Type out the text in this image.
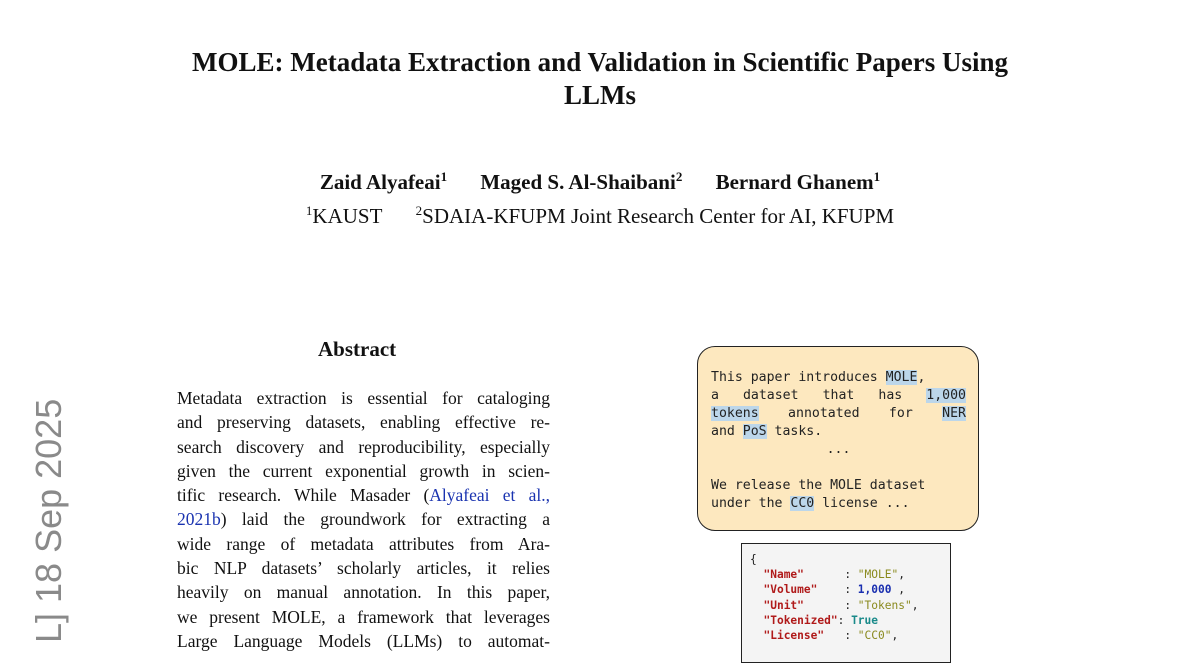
MOLE: Metadata Extraction and Validation in Scientific Papers Using
LLMs
Zaid Alyafeai$^1$ Maged S. Al-Shaibani$^2$ Bernard Ghanem$^1$
$^1$KAUST	$^2$SDAIA-KFUPM Joint Research Center for AI, KFUPM
L] 18 Sep 2025
Abstract
Metadata extraction is essential for cataloging
and preserving datasets, enabling effective re-
search discovery and reproducibility, especially
given the current exponential growth in scien-
tific research. While Masader (Alyafeai et al.,
2021b) laid the groundwork for extracting a
wide range of metadata attributes from Ara-
bic NLP datasets’ scholarly articles, it relies
heavily on manual annotation. In this paper,
we present MOLE, a framework that leverages
Large Language Models (LLMs) to automat-
This paper introduces MOLE,
a dataset that has 1,000
tokens annotated for NER
and PoS tasks.
...

We release the MOLE dataset
under the CC0 license ...
{
"Name"      : "MOLE",
"Volume"    : 1,000 ,
"Unit"      : "Tokens",
"Tokenized": True
"License"   : "CC0",
